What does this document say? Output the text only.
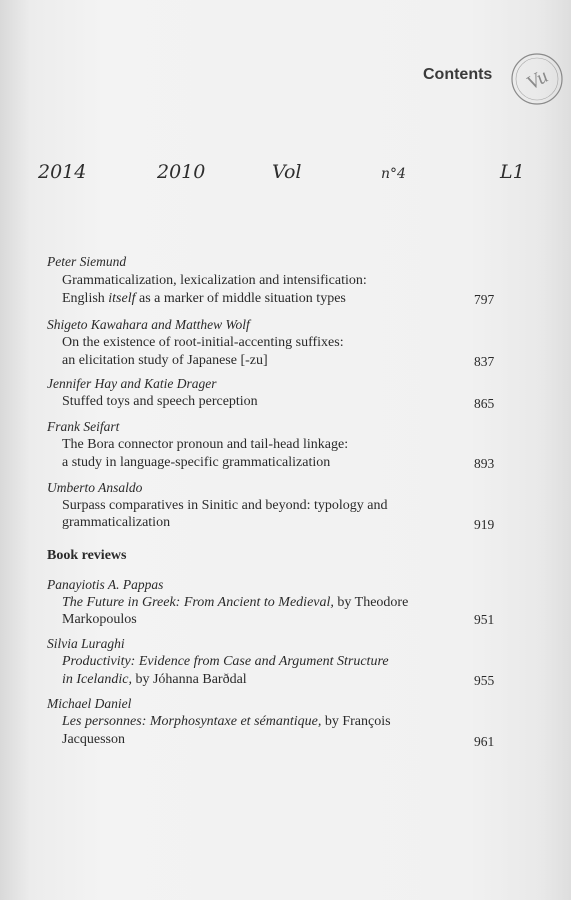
Contents Vu
2014	2010	Vol	n°4	L1
Peter Siemund
Grammaticalization, lexicalization and intensification:
English itself as a marker of middle situation types	797
Shigeto Kawahara and Matthew Wolf
On the existence of root-initial-accenting suffixes:
an elicitation study of Japanese [-zu]	837
Jennifer Hay and Katie Drager
Stuffed toys and speech perception	865
Frank Seifart
The Bora connector pronoun and tail-head linkage:
a study in language-specific grammaticalization	893
Umberto Ansaldo
Surpass comparatives in Sinitic and beyond: typology and
grammaticalization	919
Book reviews
Panayiotis A. Pappas
The Future in Greek: From Ancient to Medieval, by Theodore
Markopoulos	951
Silvia Luraghi
Productivity: Evidence from Case and Argument Structure
in Icelandic, by Jóhanna Barðdal	955
Michael Daniel
Les personnes: Morphosyntaxe et sémantique, by François
Jacquesson	961
